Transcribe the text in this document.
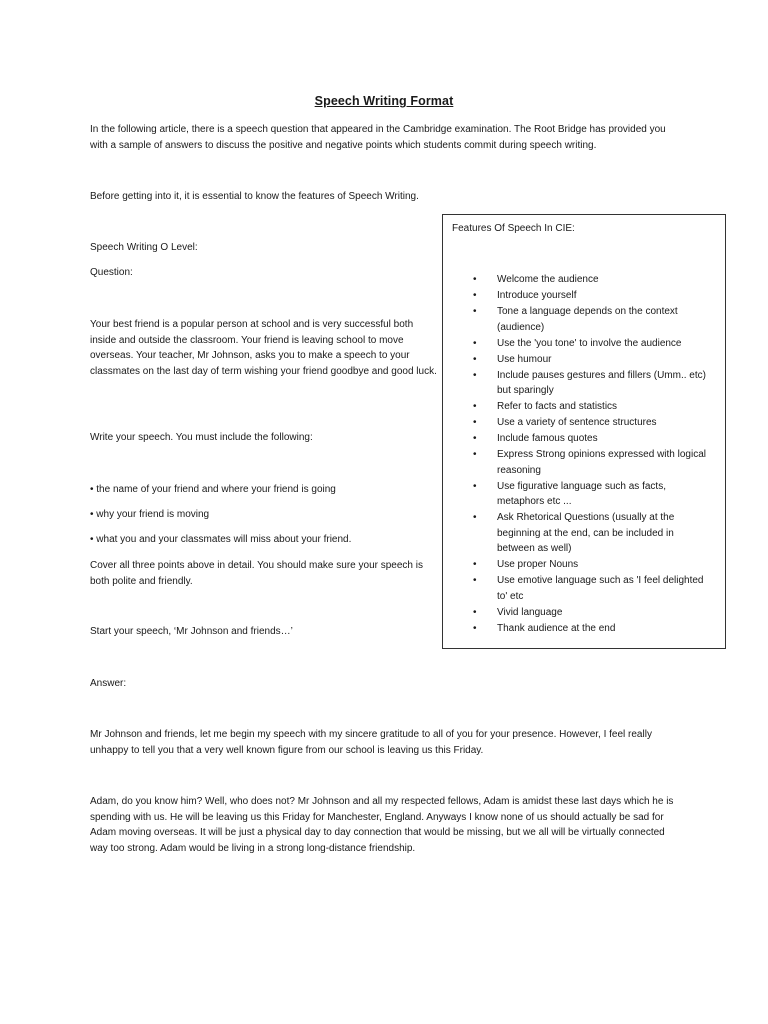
Speech Writing Format

In the following article, there is a speech question that appeared in the Cambridge examination. The Root Bridge has provided you with a sample of answers to discuss the positive and negative points which students commit during speech writing.

Before getting into it, it is essential to know the features of Speech Writing.

Speech Writing O Level:

Question:

Your best friend is a popular person at school and is very successful both inside and outside the classroom. Your friend is leaving school to move overseas. Your teacher, Mr Johnson, asks you to make a speech to your classmates on the last day of term wishing your friend goodbye and good luck.

Write your speech. You must include the following:

• the name of your friend and where your friend is going

• why your friend is moving

• what you and your classmates will miss about your friend.

Cover all three points above in detail. You should make sure your speech is both polite and friendly.

Start your speech, ‘Mr Johnson and friends…’

Answer:

Mr Johnson and friends, let me begin my speech with my sincere gratitude to all of you for your presence. However, I feel really unhappy to tell you that a very well known figure from our school is leaving us this Friday.

Adam, do you know him? Well, who does not? Mr Johnson and all my respected fellows, Adam is amidst these last days which he is spending with us. He will be leaving us this Friday for Manchester, England. Anyways I know none of us should actually be sad for Adam moving overseas. It will be just a physical day to day connection that would be missing, but we all will be virtually connected way too strong. Adam would be living in a strong long-distance friendship.

Features Of Speech In CIE:
• Welcome the audience
• Introduce yourself
• Tone a language depends on the context (audience)
• Use the 'you tone' to involve the audience
• Use humour
• Include pauses gestures and fillers (Umm.. etc) but sparingly
• Refer to facts and statistics
• Use a variety of sentence structures
• Include famous quotes
• Express Strong opinions expressed with logical reasoning
• Use figurative language such as facts, metaphors etc ...
• Ask Rhetorical Questions (usually at the beginning at the end, can be included in between as well)
• Use proper Nouns
• Use emotive language such as 'I feel delighted to' etc
• Vivid language
• Thank audience at the end
